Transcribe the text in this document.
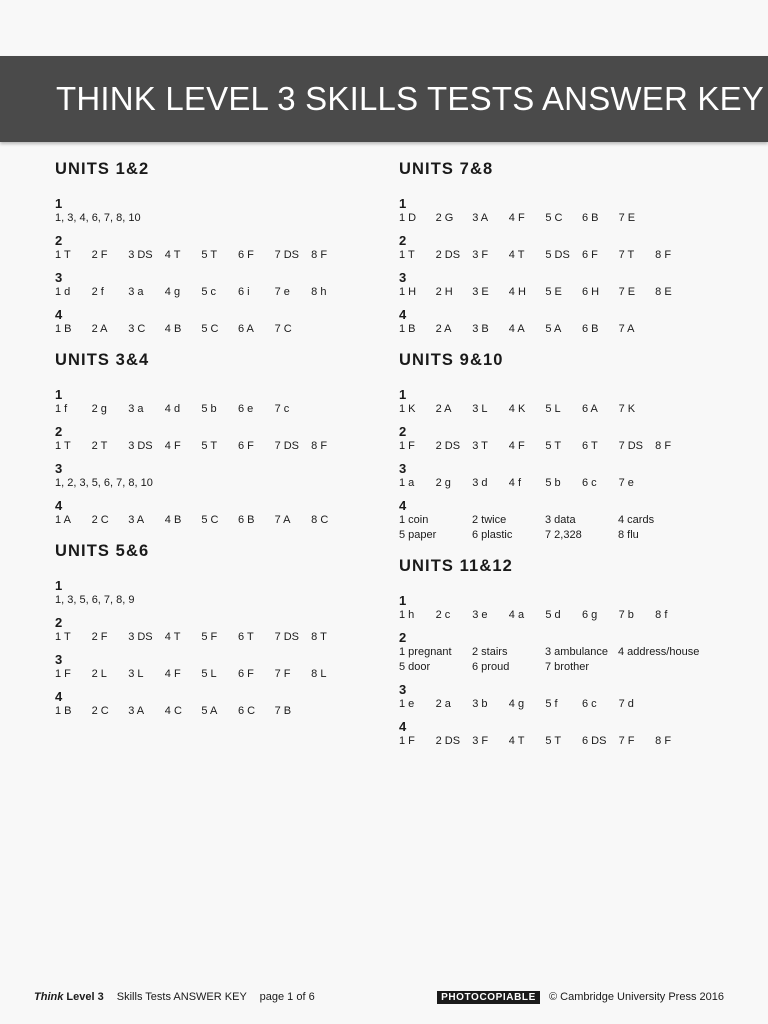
THINK LEVEL 3 SKILLS TESTS ANSWER KEY
UNITS 1&2
1
1, 3, 4, 6, 7, 8, 10
2
1 T	2 F	3 DS	4 T	5 T	6 F	7 DS	8 F
3
1 d	2 f	3 a	4 g	5 c	6 i	7 e	8 h
4
1 B	2 A	3 C	4 B	5 C	6 A	7 C
UNITS 3&4
1
1 f	2 g	3 a	4 d	5 b	6 e	7 c
2
1 T	2 T	3 DS	4 F	5 T	6 F	7 DS	8 F
3
1, 2, 3, 5, 6, 7, 8, 10
4
1 A	2 C	3 A	4 B	5 C	6 B	7 A	8 C
UNITS 5&6
1
1, 3, 5, 6, 7, 8, 9
2
1 T	2 F	3 DS	4 T	5 F	6 T	7 DS	8 T
3
1 F	2 L	3 L	4 F	5 L	6 F	7 F	8 L
4
1 B	2 C	3 A	4 C	5 A	6 C	7 B
UNITS 7&8
1
1 D	2 G	3 A	4 F	5 C	6 B	7 E
2
1 T	2 DS	3 F	4 T	5 DS	6 F	7 T	8 F
3
1 H	2 H	3 E	4 H	5 E	6 H	7 E	8 E
4
1 B	2 A	3 B	4 A	5 A	6 B	7 A
UNITS 9&10
1
1 K	2 A	3 L	4 K	5 L	6 A	7 K
2
1 F	2 DS	3 T	4 F	5 T	6 T	7 DS	8 F
3
1 a	2 g	3 d	4 f	5 b	6 c	7 e
4
1 coin	2 twice	3 data	4 cards
5 paper	6 plastic	7 2,328	8 flu
UNITS 11&12
1
1 h	2 c	3 e	4 a	5 d	6 g	7 b	8 f
2
1 pregnant	2 stairs	3 ambulance 4 address/house
5 door	6 proud	7 brother
3
1 e	2 a	3 b	4 g	5 f	6 c	7 d
4
1 F	2 DS	3 F	4 T	5 T	6 DS	7 F	8 F
Think Level 3 Skills Tests ANSWER KEY page 1 of 6	PHOTOCOPIABLE © Cambridge University Press 2016
